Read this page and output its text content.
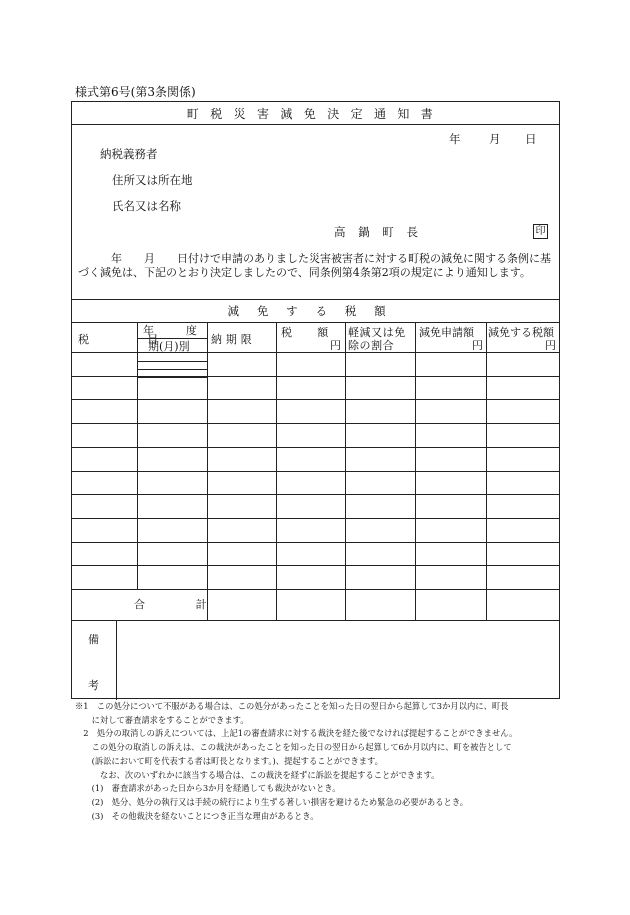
様式第6号(第3条関係)
町税災害減免決定通知書
年 月 日
納税義務者
住所又は所在地
氏名又は名称
高鍋町長	印
　　　年　　月　　日付けで申請のありました災害被害者に対する町税の減免に関する条例に基づく減免は、下記のとおり決定しましたので、同条例第4条第2項の規定により通知します。
減免する税額
税　　目
年　　度
期(月)別
納期限
税　　額
円
軽減又は免除の割合
減免申請額
円
減免する税額
円
合　　　計
備
考
※1　この処分について不服がある場合は、この処分があったことを知った日の翌日から起算して3か月以内に、町長
　　に対して審査請求をすることができます。
　2　処分の取消しの訴えについては、上記1の審査請求に対する裁決を経た後でなければ提起することができません。
　　この処分の取消しの訴えは、この裁決があったことを知った日の翌日から起算して6か月以内に、町を被告として
　　(訴訟において町を代表する者は町長となります。)、提起することができます。
　　　なお、次のいずれかに該当する場合は、この裁決を経ずに訴訟を提起することができます。
　　(1)　審査請求があった日から3か月を経過しても裁決がないとき。
　　(2)　処分、処分の執行又は手続の続行により生ずる著しい損害を避けるため緊急の必要があるとき。
　　(3)　その他裁決を経ないことにつき正当な理由があるとき。
